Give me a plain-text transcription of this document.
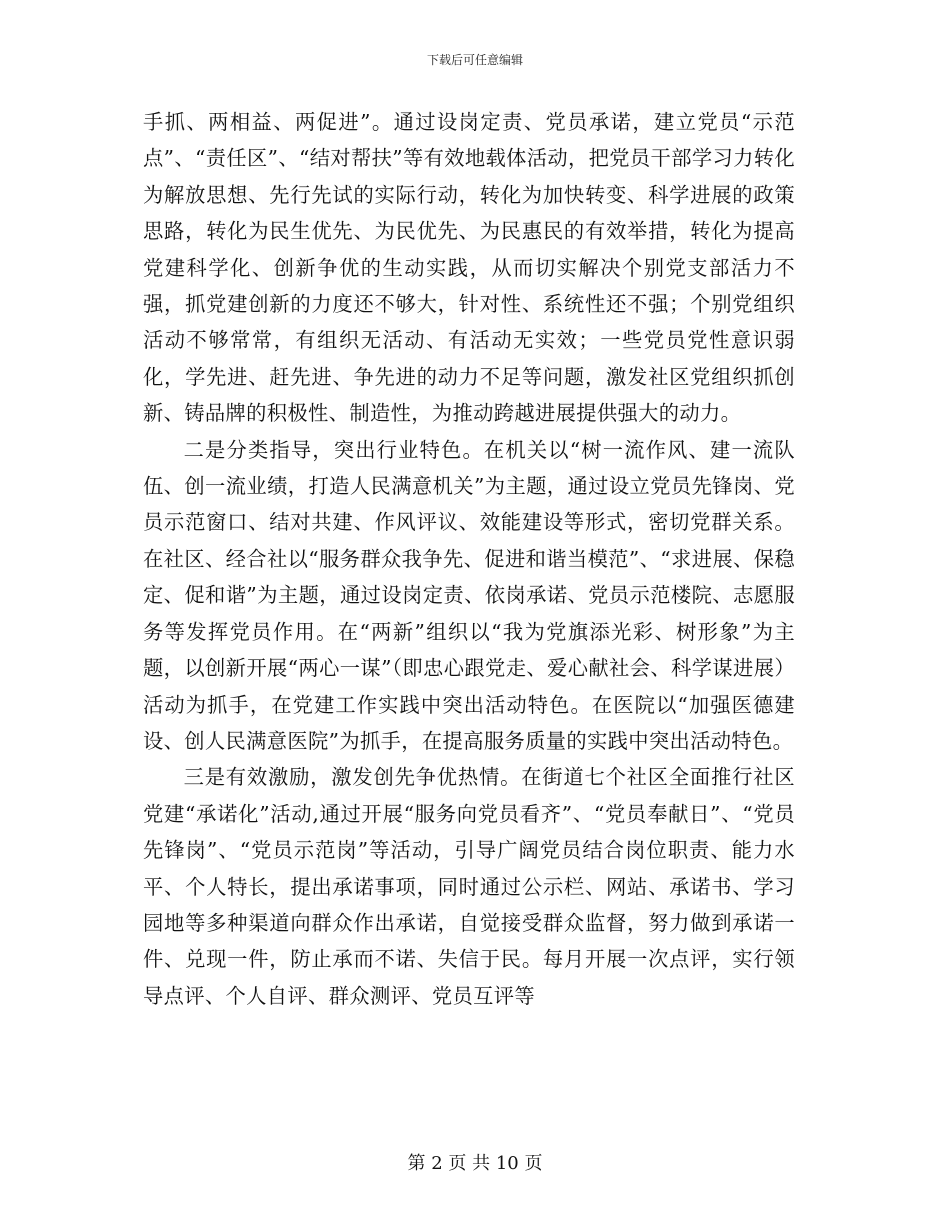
下载后可任意编辑

手抓、两相益、两促进”。通过设岗定责、党员承诺，建立党员“示范点”、“责任区”、“结对帮扶”等有效地载体活动，把党员干部学习力转化为解放思想、先行先试的实际行动，转化为加快转变、科学进展的政策思路，转化为民生优先、为民优先、为民惠民的有效举措，转化为提高党建科学化、创新争优的生动实践，从而切实解决个别党支部活力不强，抓党建创新的力度还不够大，针对性、系统性还不强；个别党组织活动不够常常，有组织无活动、有活动无实效；一些党员党性意识弱化，学先进、赶先进、争先进的动力不足等问题，激发社区党组织抓创新、铸品牌的积极性、制造性，为推动跨越进展提供强大的动力。

二是分类指导，突出行业特色。在机关以“树一流作风、建一流队伍、创一流业绩，打造人民满意机关”为主题，通过设立党员先锋岗、党员示范窗口、结对共建、作风评议、效能建设等形式，密切党群关系。在社区、经合社以“服务群众我争先、促进和谐当模范”、“求进展、保稳定、促和谐”为主题，通过设岗定责、依岗承诺、党员示范楼院、志愿服务等发挥党员作用。在“两新”组织以“我为党旗添光彩、树形象”为主题，以创新开展“两心一谋”（即忠心跟党走、爱心献社会、科学谋进展）活动为抓手，在党建工作实践中突出活动特色。在医院以“加强医德建设、创人民满意医院”为抓手，在提高服务质量的实践中突出活动特色。

三是有效激励，激发创先争优热情。在街道七个社区全面推行社区党建“承诺化”活动,通过开展“服务向党员看齐”、“党员奉献日”、“党员先锋岗”、“党员示范岗”等活动，引导广阔党员结合岗位职责、能力水平、个人特长，提出承诺事项，同时通过公示栏、网站、承诺书、学习园地等多种渠道向群众作出承诺，自觉接受群众监督，努力做到承诺一件、兑现一件，防止承而不诺、失信于民。每月开展一次点评，实行领导点评、个人自评、群众测评、党员互评等

第 2 页 共 10 页
